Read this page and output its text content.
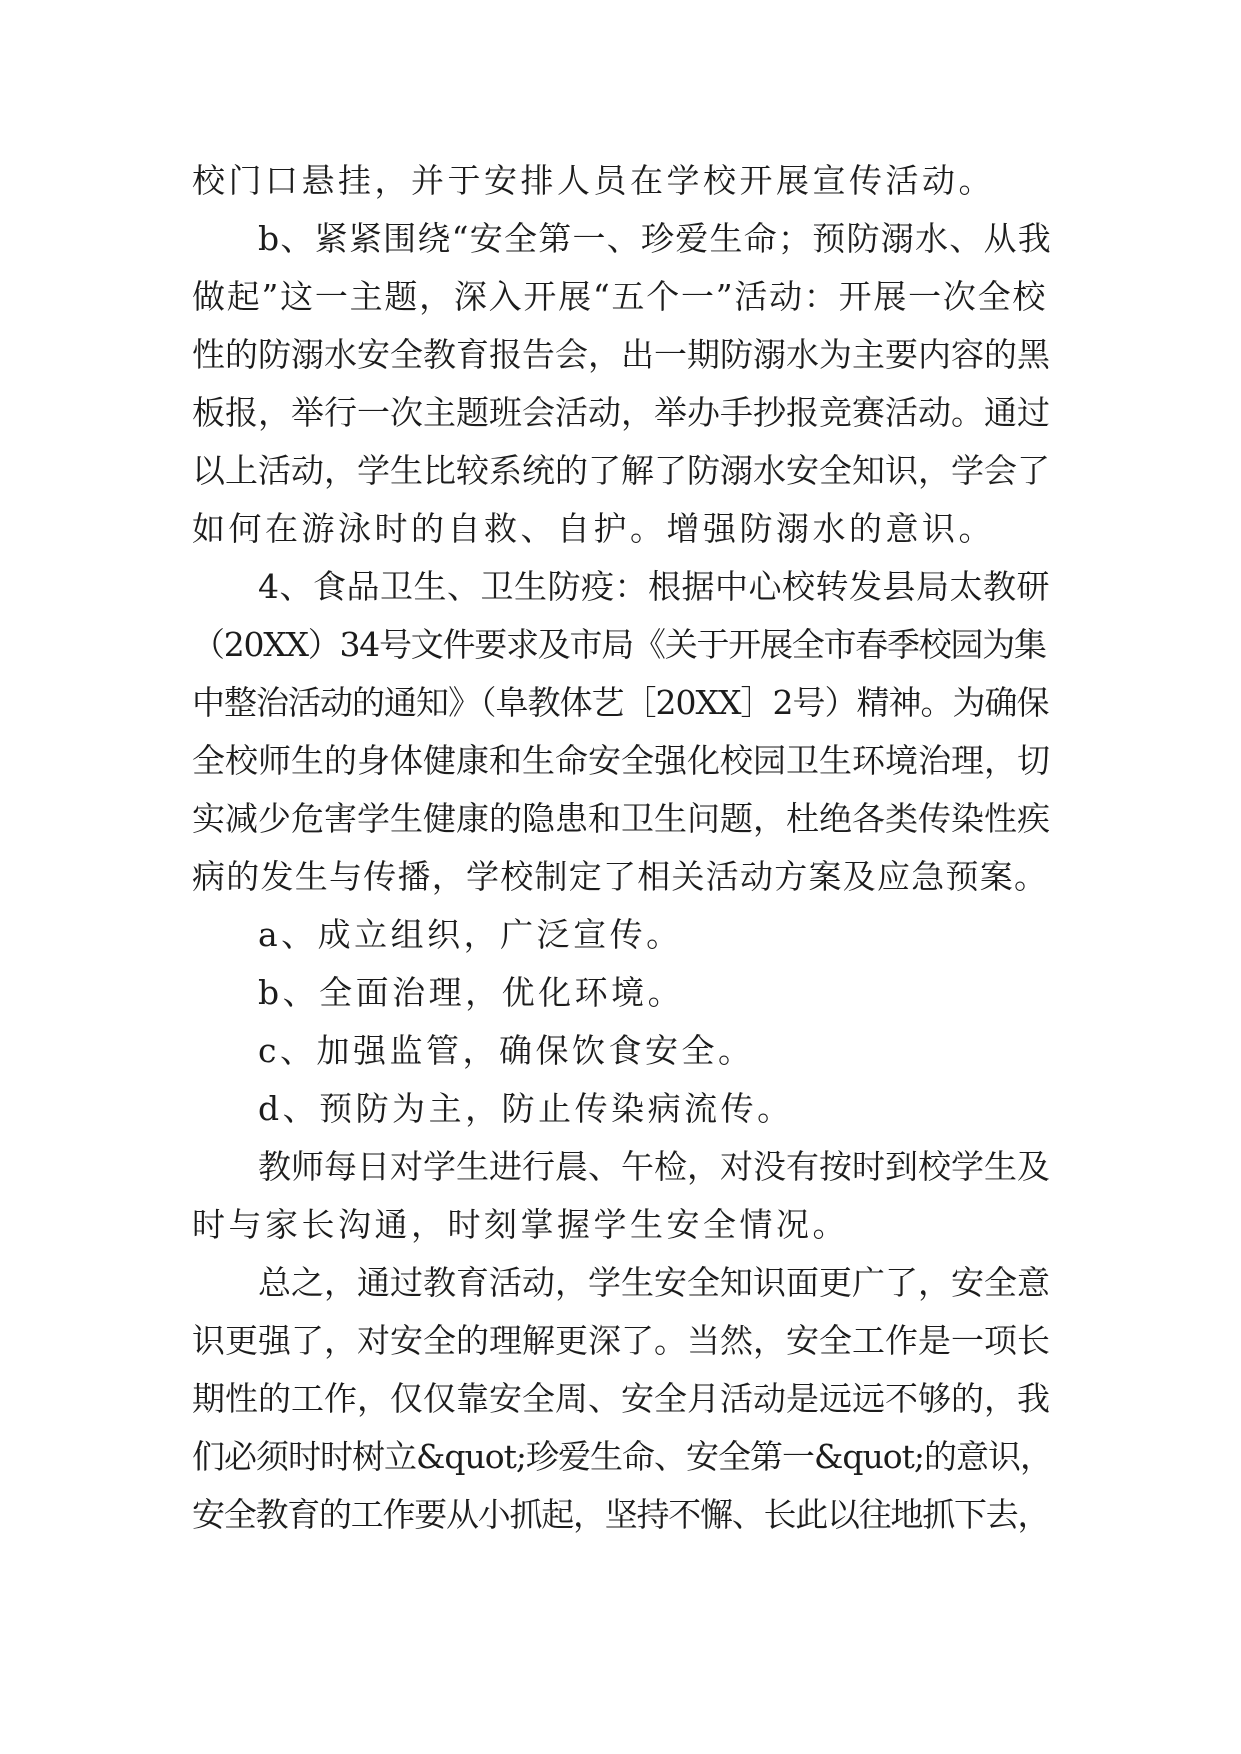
校门口悬挂，并于安排人员在学校开展宣传活动。
b、紧紧围绕“安全第一、珍爱生命；预防溺水、从我
做起”这一主题，深入开展“五个一”活动：开展一次全校
性的防溺水安全教育报告会，出一期防溺水为主要内容的黑
板报，举行一次主题班会活动，举办手抄报竞赛活动。通过
以上活动，学生比较系统的了解了防溺水安全知识，学会了
如何在游泳时的自救、自护。增强防溺水的意识。
4、食品卫生、卫生防疫：根据中心校转发县局太教研
（20XX）34号文件要求及市局《关于开展全市春季校园为集
中整治活动的通知》（阜教体艺［20XX］2号）精神。为确保
全校师生的身体健康和生命安全强化校园卫生环境治理，切
实减少危害学生健康的隐患和卫生问题，杜绝各类传染性疾
病的发生与传播，学校制定了相关活动方案及应急预案。
a、成立组织，广泛宣传。
b、全面治理，优化环境。
c、加强监管，确保饮食安全。
d、预防为主，防止传染病流传。
教师每日对学生进行晨、午检，对没有按时到校学生及
时与家长沟通，时刻掌握学生安全情况。
总之，通过教育活动，学生安全知识面更广了，安全意
识更强了，对安全的理解更深了。当然，安全工作是一项长
期性的工作，仅仅靠安全周、安全月活动是远远不够的，我
们必须时时树立&quot;珍爱生命、安全第一&quot;的意识，
安全教育的工作要从小抓起，坚持不懈、长此以往地抓下去，
